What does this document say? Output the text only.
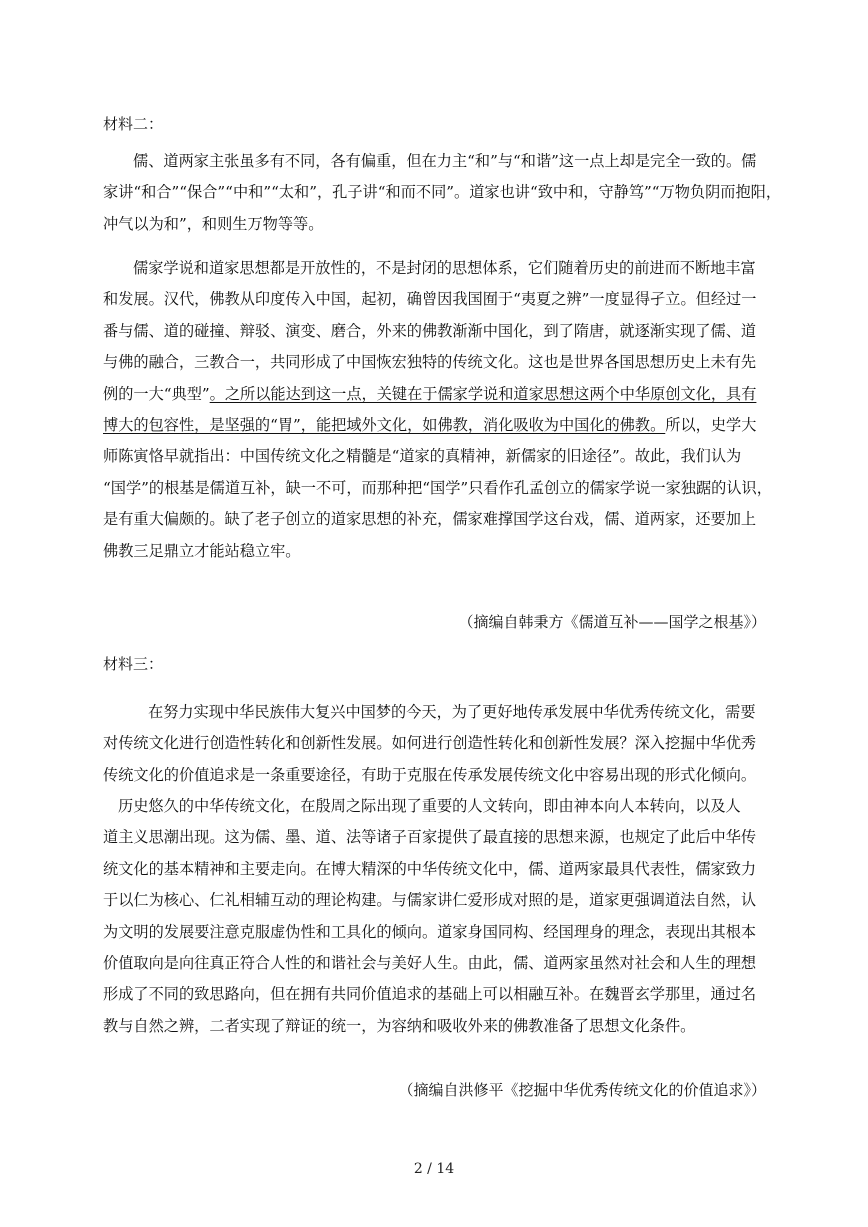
材料二：
儒、道两家主张虽多有不同，各有偏重，但在力主“和”与“和谐”这一点上却是完全一致的。儒
家讲“和合”“保合”“中和”“太和”，孔子讲“和而不同”。道家也讲“致中和，守静笃”“万物负阴而抱阳，
冲气以为和”，和则生万物等等。
儒家学说和道家思想都是开放性的，不是封闭的思想体系，它们随着历史的前进而不断地丰富
和发展。汉代，佛教从印度传入中国，起初，确曾因我国囿于“夷夏之辨”一度显得孑立。但经过一
番与儒、道的碰撞、辩驳、演变、磨合，外来的佛教渐渐中国化，到了隋唐，就逐渐实现了儒、道
与佛的融合，三教合一，共同形成了中国恢宏独特的传统文化。这也是世界各国思想历史上未有先
例的一大“典型”。之所以能达到这一点，关键在于儒家学说和道家思想这两个中华原创文化，具有
博大的包容性，是坚强的“胃”，能把域外文化，如佛教，消化吸收为中国化的佛教。所以，史学大
师陈寅恪早就指出：中国传统文化之精髓是“道家的真精神，新儒家的旧途径”。故此，我们认为
“国学”的根基是儒道互补，缺一不可，而那种把“国学”只看作孔孟创立的儒家学说一家独踞的认识，
是有重大偏颇的。缺了老子创立的道家思想的补充，儒家难撑国学这台戏，儒、道两家，还要加上
佛教三足鼎立才能站稳立牢。
（摘编自韩秉方《儒道互补——国学之根基》）
材料三：
在努力实现中华民族伟大复兴中国梦的今天，为了更好地传承发展中华优秀传统文化，需要
对传统文化进行创造性转化和创新性发展。如何进行创造性转化和创新性发展？深入挖掘中华优秀
传统文化的价值追求是一条重要途径，有助于克服在传承发展传统文化中容易出现的形式化倾向。
历史悠久的中华传统文化，在殷周之际出现了重要的人文转向，即由神本向人本转向，以及人
道主义思潮出现。这为儒、墨、道、法等诸子百家提供了最直接的思想来源，也规定了此后中华传
统文化的基本精神和主要走向。在博大精深的中华传统文化中，儒、道两家最具代表性，儒家致力
于以仁为核心、仁礼相辅互动的理论构建。与儒家讲仁爱形成对照的是，道家更强调道法自然，认
为文明的发展要注意克服虚伪性和工具化的倾向。道家身国同构、经国理身的理念，表现出其根本
价值取向是向往真正符合人性的和谐社会与美好人生。由此，儒、道两家虽然对社会和人生的理想
形成了不同的致思路向，但在拥有共同价值追求的基础上可以相融互补。在魏晋玄学那里，通过名
教与自然之辨，二者实现了辩证的统一，为容纳和吸收外来的佛教准备了思想文化条件。
（摘编自洪修平《挖掘中华优秀传统文化的价值追求》）
2 / 14
